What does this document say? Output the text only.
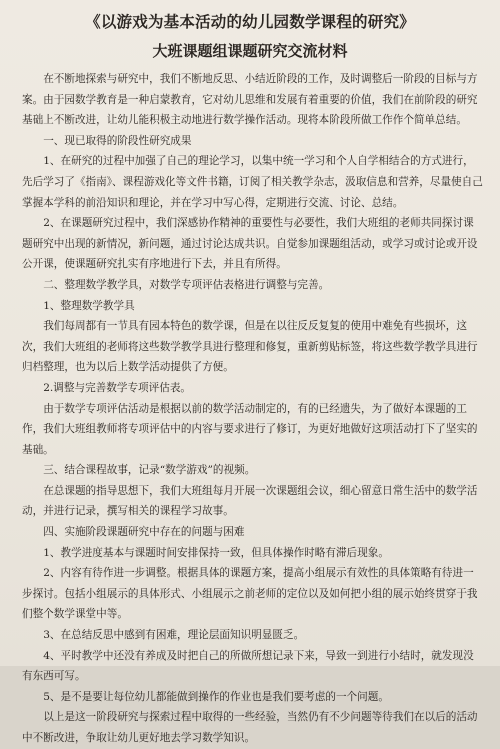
《以游戏为基本活动的幼儿园数学课程的研究》
大班课题组课题研究交流材料

在不断地探索与研究中，我们不断地反思、小结近阶段的工作，及时调整后一阶段的目标与方案。由于园数学教育是一种启蒙教育，它对幼儿思维和发展有着重要的价值，我们在前阶段的研究基础上不断改进，让幼儿能积极主动地进行数学操作活动。现将本阶段所做工作作个简单总结。

一、现已取得的阶段性研究成果

1、在研究的过程中加强了自己的理论学习，以集中统一学习和个人自学相结合的方式进行，先后学习了《指南》、课程游戏化等文件书籍，订阅了相关教学杂志，汲取信息和营养，尽量使自己掌握本学科的前沿知识和理论，并在学习中写心得，定期进行交流、讨论、总结。

2、在课题研究过程中，我们深感协作精神的重要性与必要性，我们大班组的老师共同探讨课题研究中出现的新情况，新问题，通过讨论达成共识。自觉参加课题组活动，或学习或讨论或开设公开课，使课题研究扎实有序地进行下去，并且有所得。

二、整理数学教学具，对数学专项评估表格进行调整与完善。

1、整理数学教学具

我们每周都有一节具有园本特色的数学课，但是在以往反反复复的使用中难免有些损坏，这次，我们大班组的老师将这些数学教学具进行整理和修复，重新剪贴标签，将这些数学教学具进行归档整理，也为以后上数学活动提供了方便。

2.调整与完善数学专项评估表。

由于数学专项评估活动是根据以前的数学活动制定的，有的已经遗失，为了做好本课题的工作，我们大班组教师将专项评估中的内容与要求进行了修订，为更好地做好这项活动打下了坚实的基础。

三、结合课程故事，记录“数学游戏”的视频。

在总课题的指导思想下，我们大班组每月开展一次课题组会议，细心留意日常生活中的数学活动，并进行记录，撰写相关的课程学习故事。

四、实施阶段课题研究中存在的问题与困难

1、教学进度基本与课题时间安排保持一致，但具体操作时略有滞后现象。

2、内容有待作进一步调整。根据具体的课题方案，提高小组展示有效性的具体策略有待进一步探讨。包括小组展示的具体形式、小组展示之前老师的定位以及如何把小组的展示始终贯穿于我们整个数学课堂中等。

3、在总结反思中感到有困难，理论层面知识明显匮乏。

4、平时教学中还没有养成及时把自己的所做所想记录下来，导致一到进行小结时，就发现没有东西可写。

5、是不是要让每位幼儿都能做到操作的作业也是我们要考虑的一个问题。

以上是这一阶段研究与探索过程中取得的一些经验，当然仍有不少问题等待我们在以后的活动中不断改进，争取让幼儿更好地去学习数学知识。
